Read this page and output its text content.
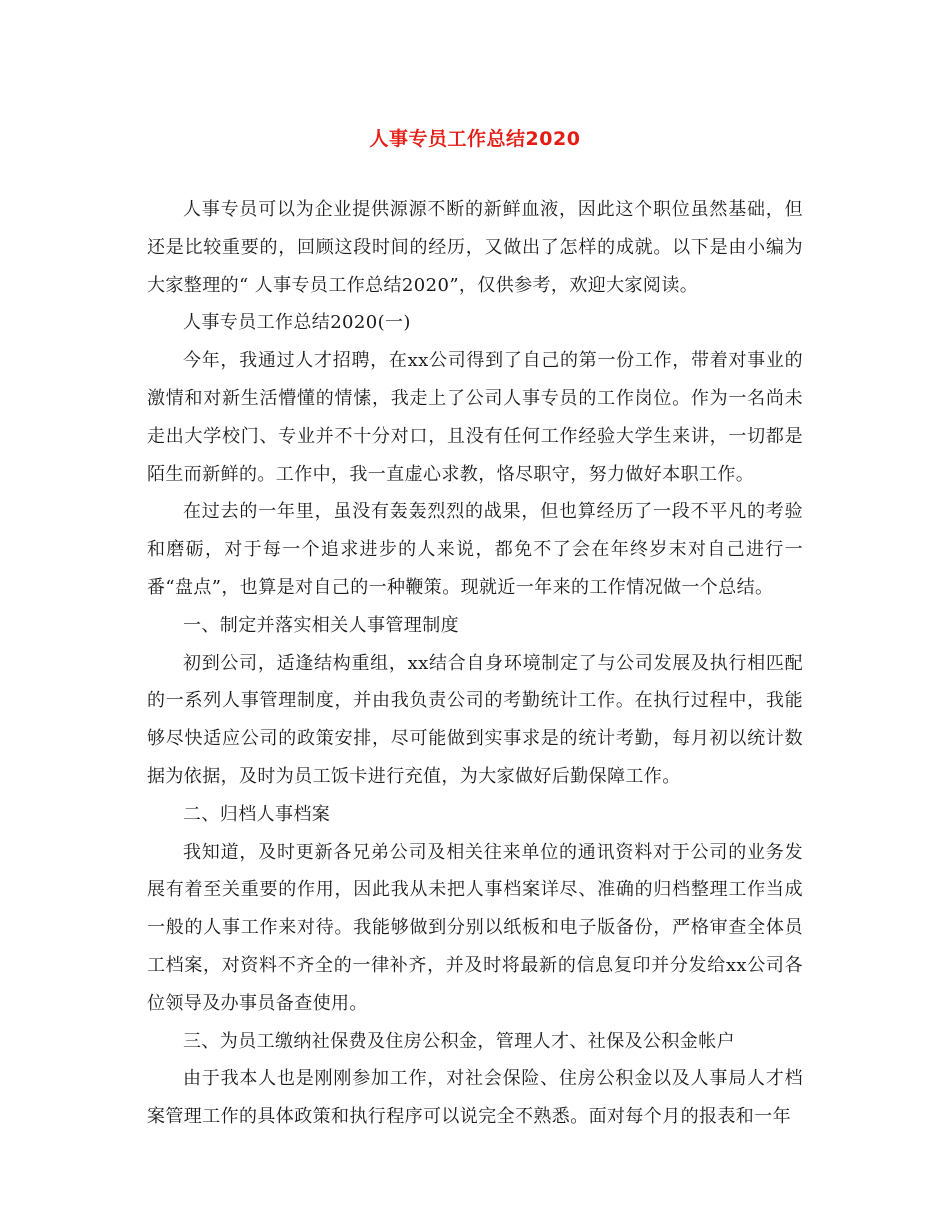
人事专员工作总结2020

人事专员可以为企业提供源源不断的新鲜血液，因此这个职位虽然基础，但还是比较重要的，回顾这段时间的经历，又做出了怎样的成就。以下是由小编为大家整理的“ 人事专员工作总结2020”，仅供参考，欢迎大家阅读。

人事专员工作总结2020(一)

今年，我通过人才招聘，在xx公司得到了自己的第一份工作，带着对事业的激情和对新生活懵懂的情愫，我走上了公司人事专员的工作岗位。作为一名尚未走出大学校门、专业并不十分对口，且没有任何工作经验大学生来讲，一切都是陌生而新鲜的。工作中，我一直虚心求教，恪尽职守，努力做好本职工作。

在过去的一年里，虽没有轰轰烈烈的战果，但也算经历了一段不平凡的考验和磨砺，对于每一个追求进步的人来说，都免不了会在年终岁末对自己进行一番“盘点”，也算是对自己的一种鞭策。现就近一年来的工作情况做一个总结。

一、制定并落实相关人事管理制度

初到公司，适逢结构重组，xx结合自身环境制定了与公司发展及执行相匹配的一系列人事管理制度，并由我负责公司的考勤统计工作。在执行过程中，我能够尽快适应公司的政策安排，尽可能做到实事求是的统计考勤，每月初以统计数据为依据，及时为员工饭卡进行充值，为大家做好后勤保障工作。

二、归档人事档案

我知道，及时更新各兄弟公司及相关往来单位的通讯资料对于公司的业务发展有着至关重要的作用，因此我从未把人事档案详尽、准确的归档整理工作当成一般的人事工作来对待。我能够做到分别以纸板和电子版备份，严格审查全体员工档案，对资料不齐全的一律补齐，并及时将最新的信息复印并分发给xx公司各位领导及办事员备查使用。

三、为员工缴纳社保费及住房公积金，管理人才、社保及公积金帐户

由于我本人也是刚刚参加工作，对社会保险、住房公积金以及人事局人才档案管理工作的具体政策和执行程序可以说完全不熟悉。面对每个月的报表和一年
